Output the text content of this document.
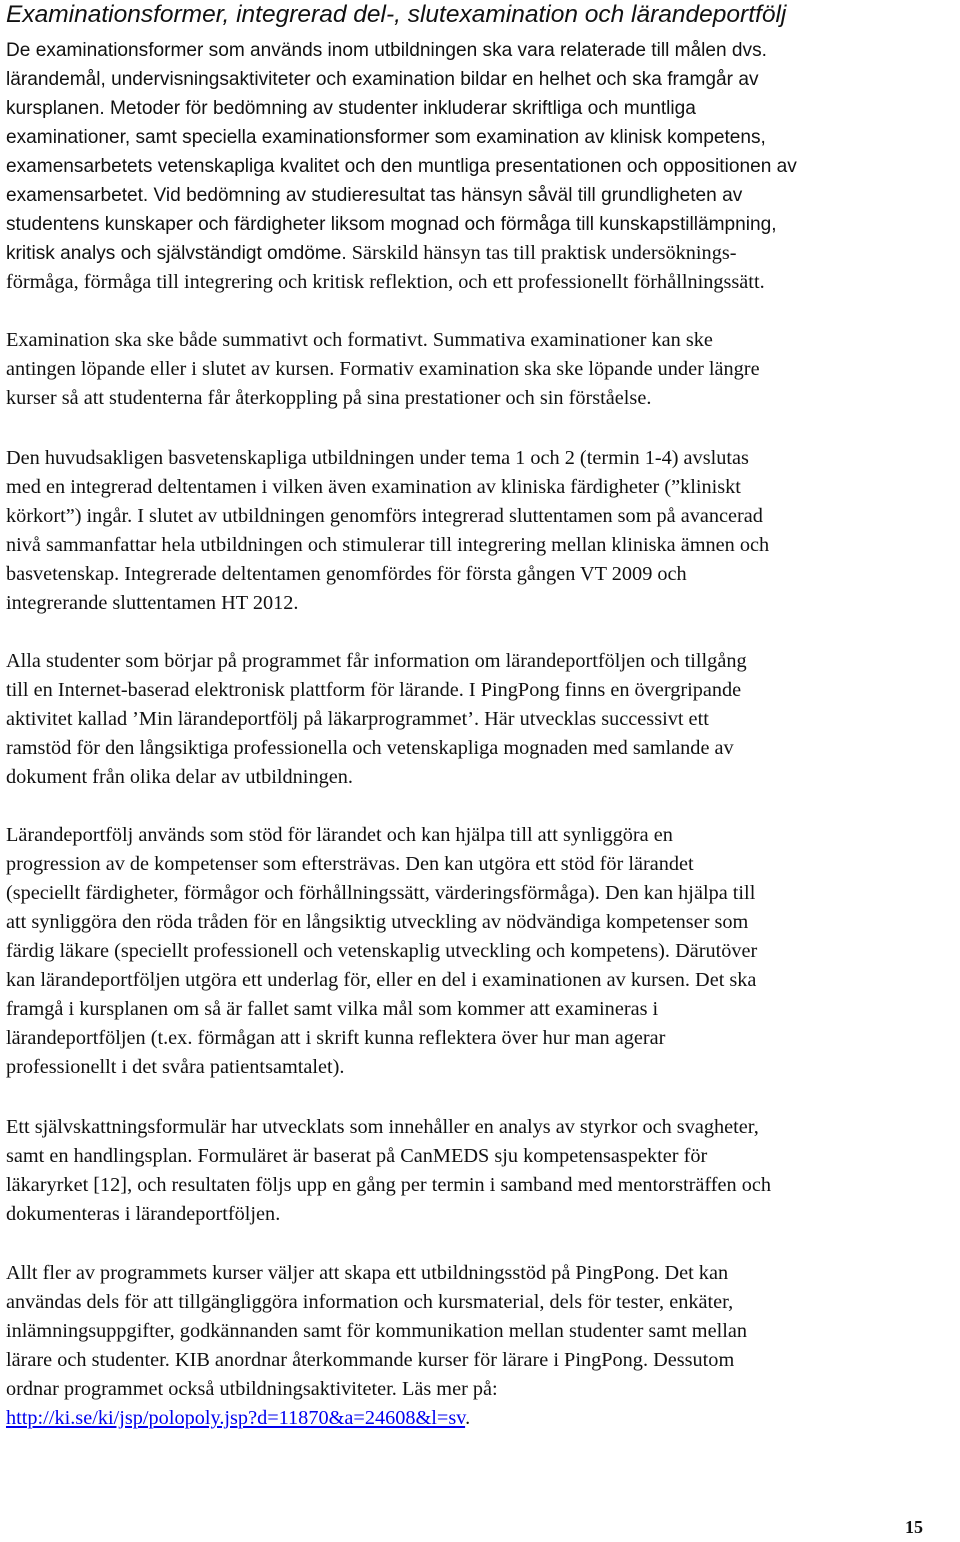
Examinationsformer, integrerad del-, slutexamination och lärandeportfölj
De examinationsformer som används inom utbildningen ska vara relaterade till målen dvs.
lärandemål, undervisningsaktiviteter och examination bildar en helhet och ska framgår av
kursplanen. Metoder för bedömning av studenter inkluderar skriftliga och muntliga
examinationer, samt speciella examinationsformer som examination av klinisk kompetens,
examensarbetets vetenskapliga kvalitet och den muntliga presentationen och oppositionen av
examensarbetet. Vid bedömning av studieresultat tas hänsyn såväl till grundligheten av
studentens kunskaper och färdigheter liksom mognad och förmåga till kunskapstillämpning,
kritisk analys och självständigt omdöme. Särskild hänsyn tas till praktisk undersöknings-
förmåga, förmåga till integrering och kritisk reflektion, och ett professionellt förhållningssätt.
Examination ska ske både summativt och formativt. Summativa examinationer kan ske
antingen löpande eller i slutet av kursen. Formativ examination ska ske löpande under längre
kurser så att studenterna får återkoppling på sina prestationer och sin förståelse.
Den huvudsakligen basvetenskapliga utbildningen under tema 1 och 2 (termin 1-4) avslutas
med en integrerad deltentamen i vilken även examination av kliniska färdigheter (”kliniskt
körkort”) ingår. I slutet av utbildningen genomförs integrerad sluttentamen som på avancerad
nivå sammanfattar hela utbildningen och stimulerar till integrering mellan kliniska ämnen och
basvetenskap. Integrerade deltentamen genomfördes för första gången VT 2009 och
integrerande sluttentamen HT 2012.
Alla studenter som börjar på programmet får information om lärandeportföljen och tillgång
till en Internet-baserad elektronisk plattform för lärande. I PingPong finns en övergripande
aktivitet kallad ’Min lärandeportfölj på läkarprogrammet’. Här utvecklas successivt ett
ramstöd för den långsiktiga professionella och vetenskapliga mognaden med samlande av
dokument från olika delar av utbildningen.
Lärandeportfölj används som stöd för lärandet och kan hjälpa till att synliggöra en
progression av de kompetenser som eftersträvas. Den kan utgöra ett stöd för lärandet
(speciellt färdigheter, förmågor och förhållningssätt, värderingsförmåga). Den kan hjälpa till
att synliggöra den röda tråden för en långsiktig utveckling av nödvändiga kompetenser som
färdig läkare (speciellt professionell och vetenskaplig utveckling och kompetens). Därutöver
kan lärandeportföljen utgöra ett underlag för, eller en del i examinationen av kursen. Det ska
framgå i kursplanen om så är fallet samt vilka mål som kommer att examineras i
lärandeportföljen (t.ex. förmågan att i skrift kunna reflektera över hur man agerar
professionellt i det svåra patientsamtalet).
Ett självskattningsformulär har utvecklats som innehåller en analys av styrkor och svagheter,
samt en handlingsplan. Formuläret är baserat på CanMEDS sju kompetensaspekter för
läkaryrket [12], och resultaten följs upp en gång per termin i samband med mentorsträffen och
dokumenteras i lärandeportföljen.
Allt fler av programmets kurser väljer att skapa ett utbildningsstöd på PingPong. Det kan
användas dels för att tillgängliggöra information och kursmaterial, dels för tester, enkäter,
inlämningsuppgifter, godkännanden samt för kommunikation mellan studenter samt mellan
lärare och studenter. KIB anordnar återkommande kurser för lärare i PingPong. Dessutom
ordnar programmet också utbildningsaktiviteter. Läs mer på:
http://ki.se/ki/jsp/polopoly.jsp?d=11870&a=24608&l=sv.
15
